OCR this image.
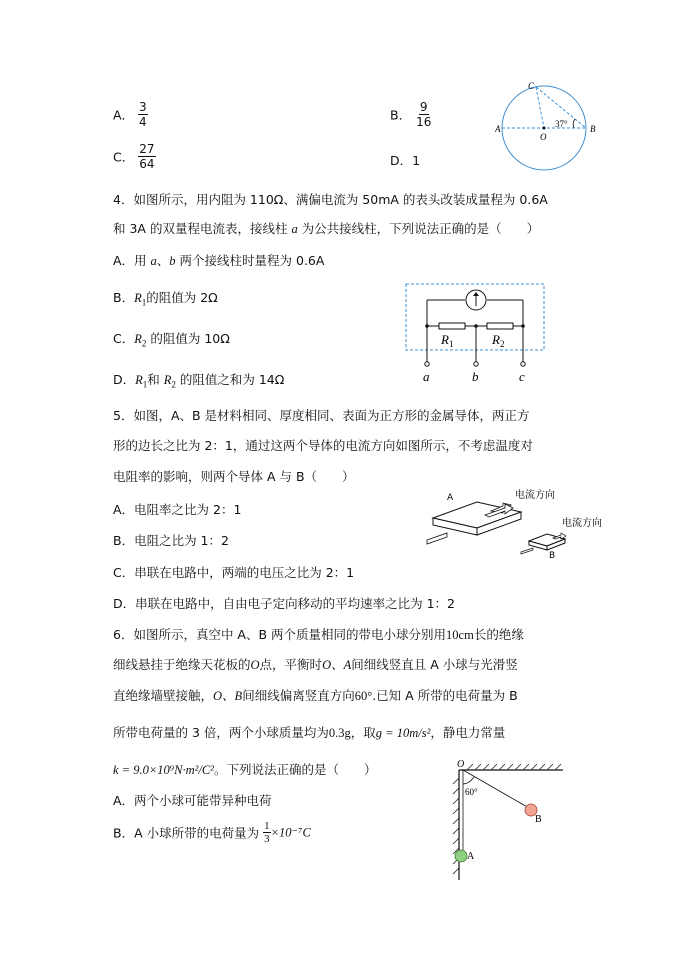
A． $\frac{3}{4}$	B． $\frac{9}{16}$
C． $\frac{27}{64}$	D．1
A	B
C
O
37°
4．如图所示，用内阻为 110Ω、满偏电流为 50mA 的表头改装成量程为 0.6A
和 3A 的双量程电流表，接线柱 a 为公共接线柱，下列说法正确的是（　　）
A．用 a、b 两个接线柱时量程为 0.6A
B．$R_1$的阻值为 2Ω
C．$R_2$ 的阻值为 10Ω
D．$R_1$和 $R_2$ 的阻值之和为 14Ω
$R_1$	$R_2$
a	b	c
5．如图，A、B 是材料相同、厚度相同、表面为正方形的金属导体，两正方
形的边长之比为 2：1，通过这两个导体的电流方向如图所示，不考虑温度对
电阻率的影响，则两个导体 A 与 B（　　）
A．电阻率之比为 2：1
B．电阻之比为 1：2
C．串联在电路中，两端的电压之比为 2：1
D．串联在电路中，自由电子定向移动的平均速率之比为 1：2
A	电流方向
B
电流方向
6．如图所示，真空中 A、B 两个质量相同的带电小球分别用10cm长的绝缘
细线悬挂于绝缘天花板的O点，平衡时O、A间细线竖直且 A 小球与光滑竖
直绝缘墙壁接触，O、B间细线偏离竖直方向60°.已知 A 所带的电荷量为 B
所带电荷量的 3 倍，两个小球质量均为0.3g，取g = 10m/s²，静电力常量
k = 9.0×10⁹N·m²/C²。下列说法正确的是（　　）
A．两个小球可能带异种电荷
B．A 小球所带的电荷量为 $\frac{1}{3} \times 10^{-7}C$
O
60°
A
B
